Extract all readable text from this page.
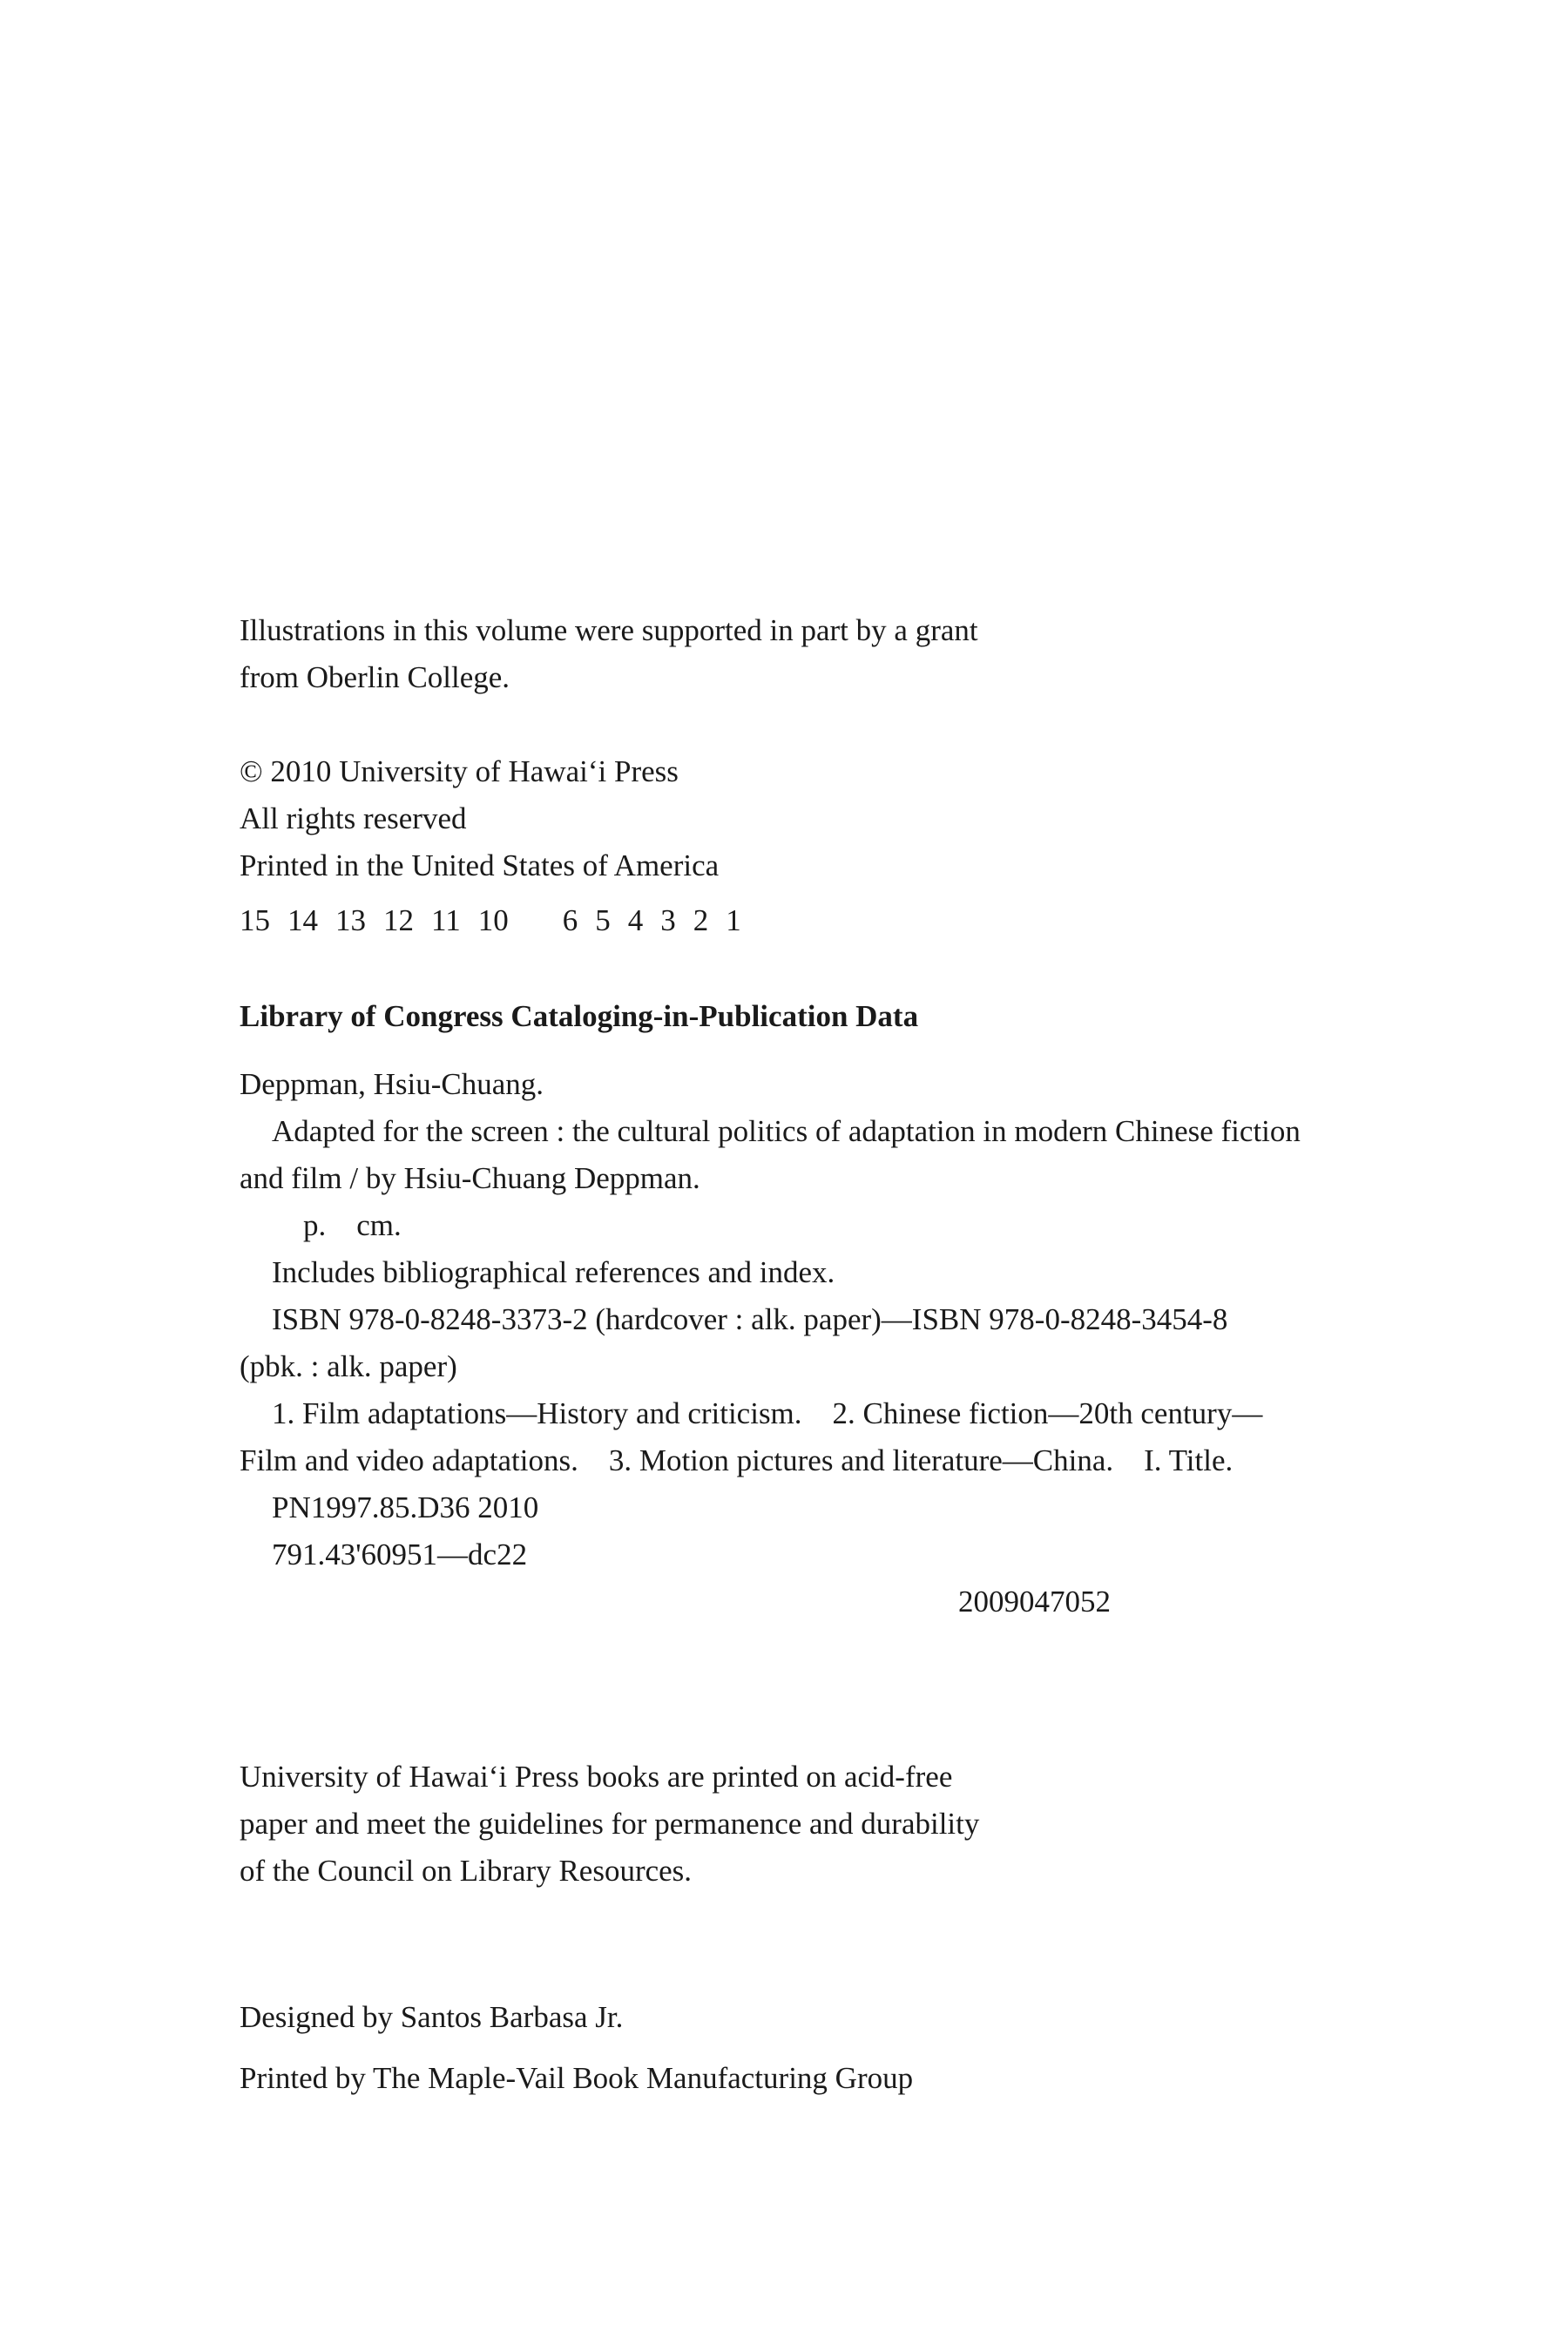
Illustrations in this volume were supported in part by a grant
from Oberlin College.
© 2010 University of Hawai‘i Press
All rights reserved
Printed in the United States of America
15 14 13 12 11 10 6 5 4 3 2 1
Library of Congress Cataloging-in-Publication Data
Deppman, Hsiu-Chuang.
Adapted for the screen : the cultural politics of adaptation in modern Chinese fiction
and film / by Hsiu-Chuang Deppman.
p.    cm.
Includes bibliographical references and index.
ISBN 978-0-8248-3373-2 (hardcover : alk. paper)—ISBN 978-0-8248-3454-8
(pbk. : alk. paper)
1. Film adaptations—History and criticism.    2. Chinese fiction—20th century—
Film and video adaptations.    3. Motion pictures and literature—China.    I. Title.
PN1997.85.D36 2010
791.43'60951—dc22
2009047052
University of Hawai‘i Press books are printed on acid-free
paper and meet the guidelines for permanence and durability
of the Council on Library Resources.
Designed by Santos Barbasa Jr.
Printed by The Maple-Vail Book Manufacturing Group
